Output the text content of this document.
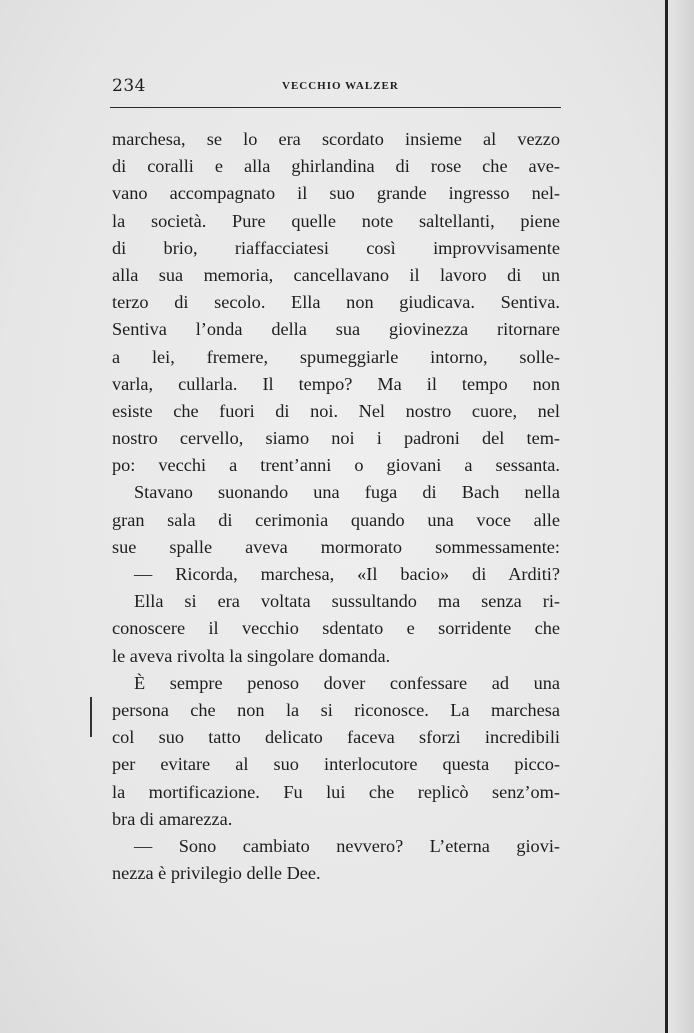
234	VECCHIO WALZER
marchesa, se lo era scordato insieme al vezzo
di coralli e alla ghirlandina di rose che ave-
vano accompagnato il suo grande ingresso nel-
la società. Pure quelle note saltellanti, piene
di brio, riaffacciatesi così improvvisamente
alla sua memoria, cancellavano il lavoro di un
terzo di secolo. Ella non giudicava. Sentiva.
Sentiva l’onda della sua giovinezza ritornare
a lei, fremere, spumeggiarle intorno, solle-
varla, cullarla. Il tempo? Ma il tempo non
esiste che fuori di noi. Nel nostro cuore, nel
nostro cervello, siamo noi i padroni del tem-
po: vecchi a trent’anni o giovani a sessanta.
Stavano suonando una fuga di Bach nella
gran sala di cerimonia quando una voce alle
sue spalle aveva mormorato sommessamente:
— Ricorda, marchesa, «Il bacio» di Arditi?
Ella si era voltata sussultando ma senza ri-
conoscere il vecchio sdentato e sorridente che
le aveva rivolta la singolare domanda.
È sempre penoso dover confessare ad una
persona che non la si riconosce. La marchesa
col suo tatto delicato faceva sforzi incredibili
per evitare al suo interlocutore questa picco-
la mortificazione. Fu lui che replicò senz’om-
bra di amarezza.
— Sono cambiato nevvero? L’eterna giovi-
nezza è privilegio delle Dee.
